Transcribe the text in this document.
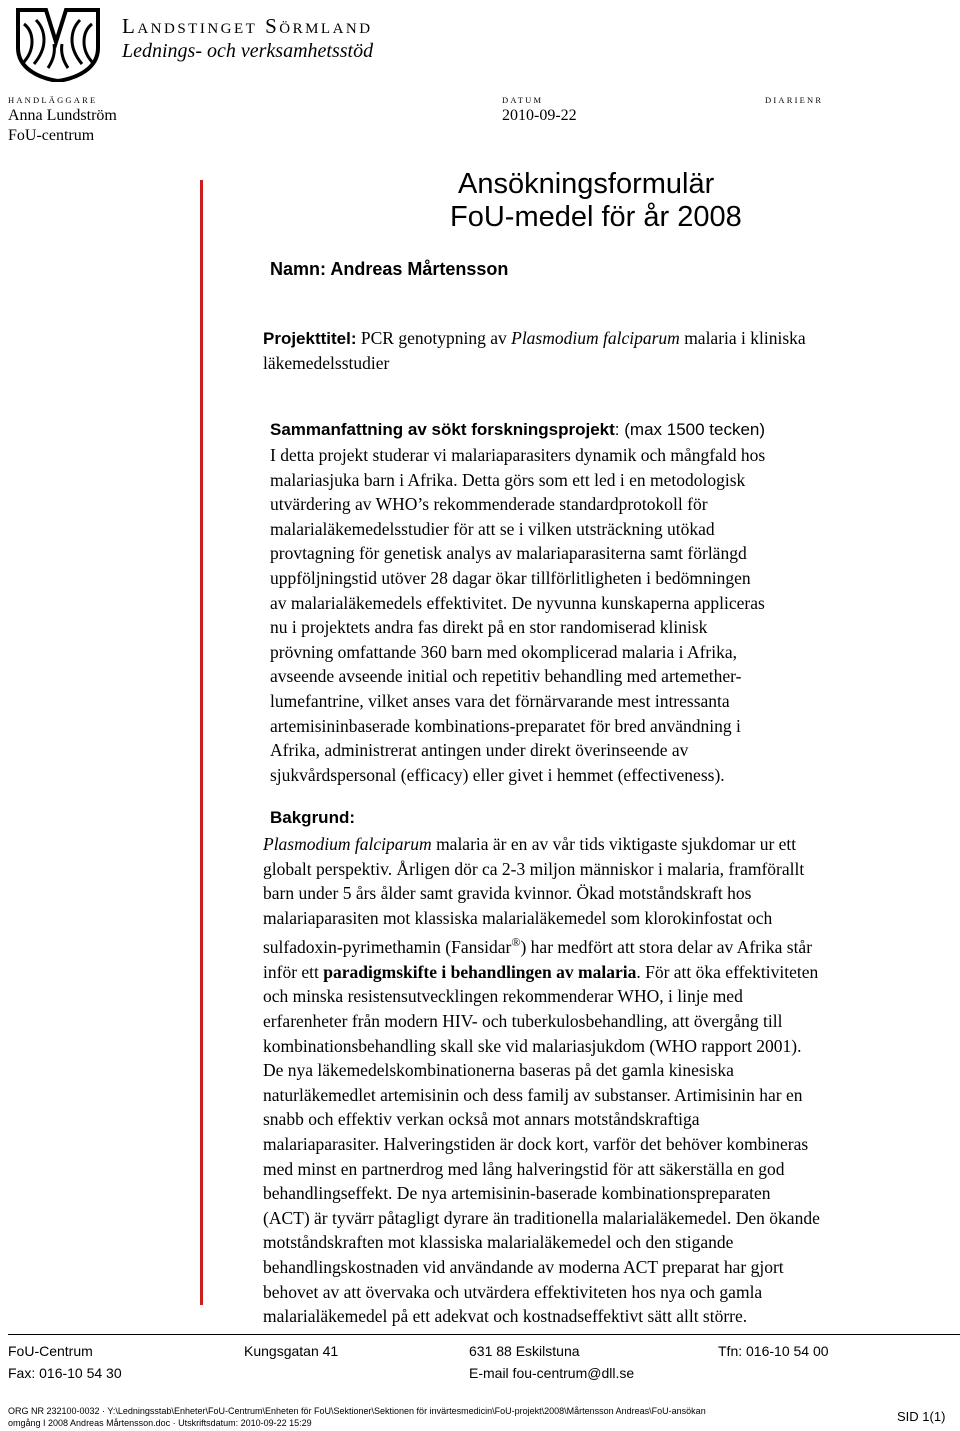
Landstinget Sörmland
Lednings- och verksamhetsstöd
HANDLÄGGARE
Anna Lundström
FoU-centrum
DATUM
2010-09-22
DIARIENR
Ansökningsformulär
FoU-medel för år 2008
Namn: Andreas Mårtensson
Projekttitel: PCR genotypning av Plasmodium falciparum malaria i kliniska
läkemedelsstudier
Sammanfattning av sökt forskningsprojekt: (max 1500 tecken)
I detta projekt studerar vi malariaparasiters dynamik och mångfald hos
malariasjuka barn i Afrika. Detta görs som ett led i en metodologisk
utvärdering av WHO’s rekommenderade standardprotokoll för
malarialäkemedelsstudier för att se i vilken utsträckning utökad
provtagning för genetisk analys av malariaparasiterna samt förlängd
uppföljningstid utöver 28 dagar ökar tillförlitligheten i bedömningen
av malarialäkemedels effektivitet. De nyvunna kunskaperna appliceras
nu i projektets andra fas direkt på en stor randomiserad klinisk
prövning omfattande 360 barn med okomplicerad malaria i Afrika,
avseende avseende initial och repetitiv behandling med artemether-
lumefantrine, vilket anses vara det förnärvarande mest intressanta
artemisininbaserade kombinations-preparatet för bred användning i
Afrika, administrerat antingen under direkt överinseende av
sjukvårdspersonal (efficacy) eller givet i hemmet (effectiveness).
Bakgrund:
Plasmodium falciparum malaria är en av vår tids viktigaste sjukdomar ur ett
globalt perspektiv. Årligen dör ca 2-3 miljon människor i malaria, framförallt
barn under 5 års ålder samt gravida kvinnor. Ökad motståndskraft hos
malariaparasiten mot klassiska malarialäkemedel som klorokinfostat och
sulfadoxin-pyrimethamin (Fansidar®) har medfört att stora delar av Afrika står
inför ett paradigmskifte i behandlingen av malaria. För att öka effektiviteten
och minska resistensutvecklingen rekommenderar WHO, i linje med
erfarenheter från modern HIV- och tuberkulosbehandling, att övergång till
kombinationsbehandling skall ske vid malariasjukdom (WHO rapport 2001).
De nya läkemedelskombinationerna baseras på det gamla kinesiska
naturläkemedlet artemisinin och dess familj av substanser. Artimisinin har en
snabb och effektiv verkan också mot annars motståndskraftiga
malariaparasiter. Halveringstiden är dock kort, varför det behöver kombineras
med minst en partnerdrog med lång halveringstid för att säkerställa en god
behandlingseffekt. De nya artemisinin-baserade kombinationspreparaten
(ACT) är tyvärr påtagligt dyrare än traditionella malarialäkemedel. Den ökande
motståndskraften mot klassiska malarialäkemedel och den stigande
behandlingskostnaden vid användande av moderna ACT preparat har gjort
behovet av att övervaka och utvärdera effektiviteten hos nya och gamla
malarialäkemedel på ett adekvat och kostnadseffektivt sätt allt större.
FoU-Centrum	Kungsgatan 41	631 88 Eskilstuna	Tfn: 016-10 54 00
Fax: 016-10 54 30	E-mail fou-centrum@dll.se
ORG NR 232100-0032 · Y:\Ledningsstab\Enheter\FoU-Centrum\Enheten för FoU\Sektioner\Sektionen för invärtesmedicin\FoU-projekt\2008\Mårtensson Andreas\FoU-ansökan
omgång I 2008 Andreas Mårtensson.doc · Utskriftsdatum: 2010-09-22 15:29	SID 1(1)
